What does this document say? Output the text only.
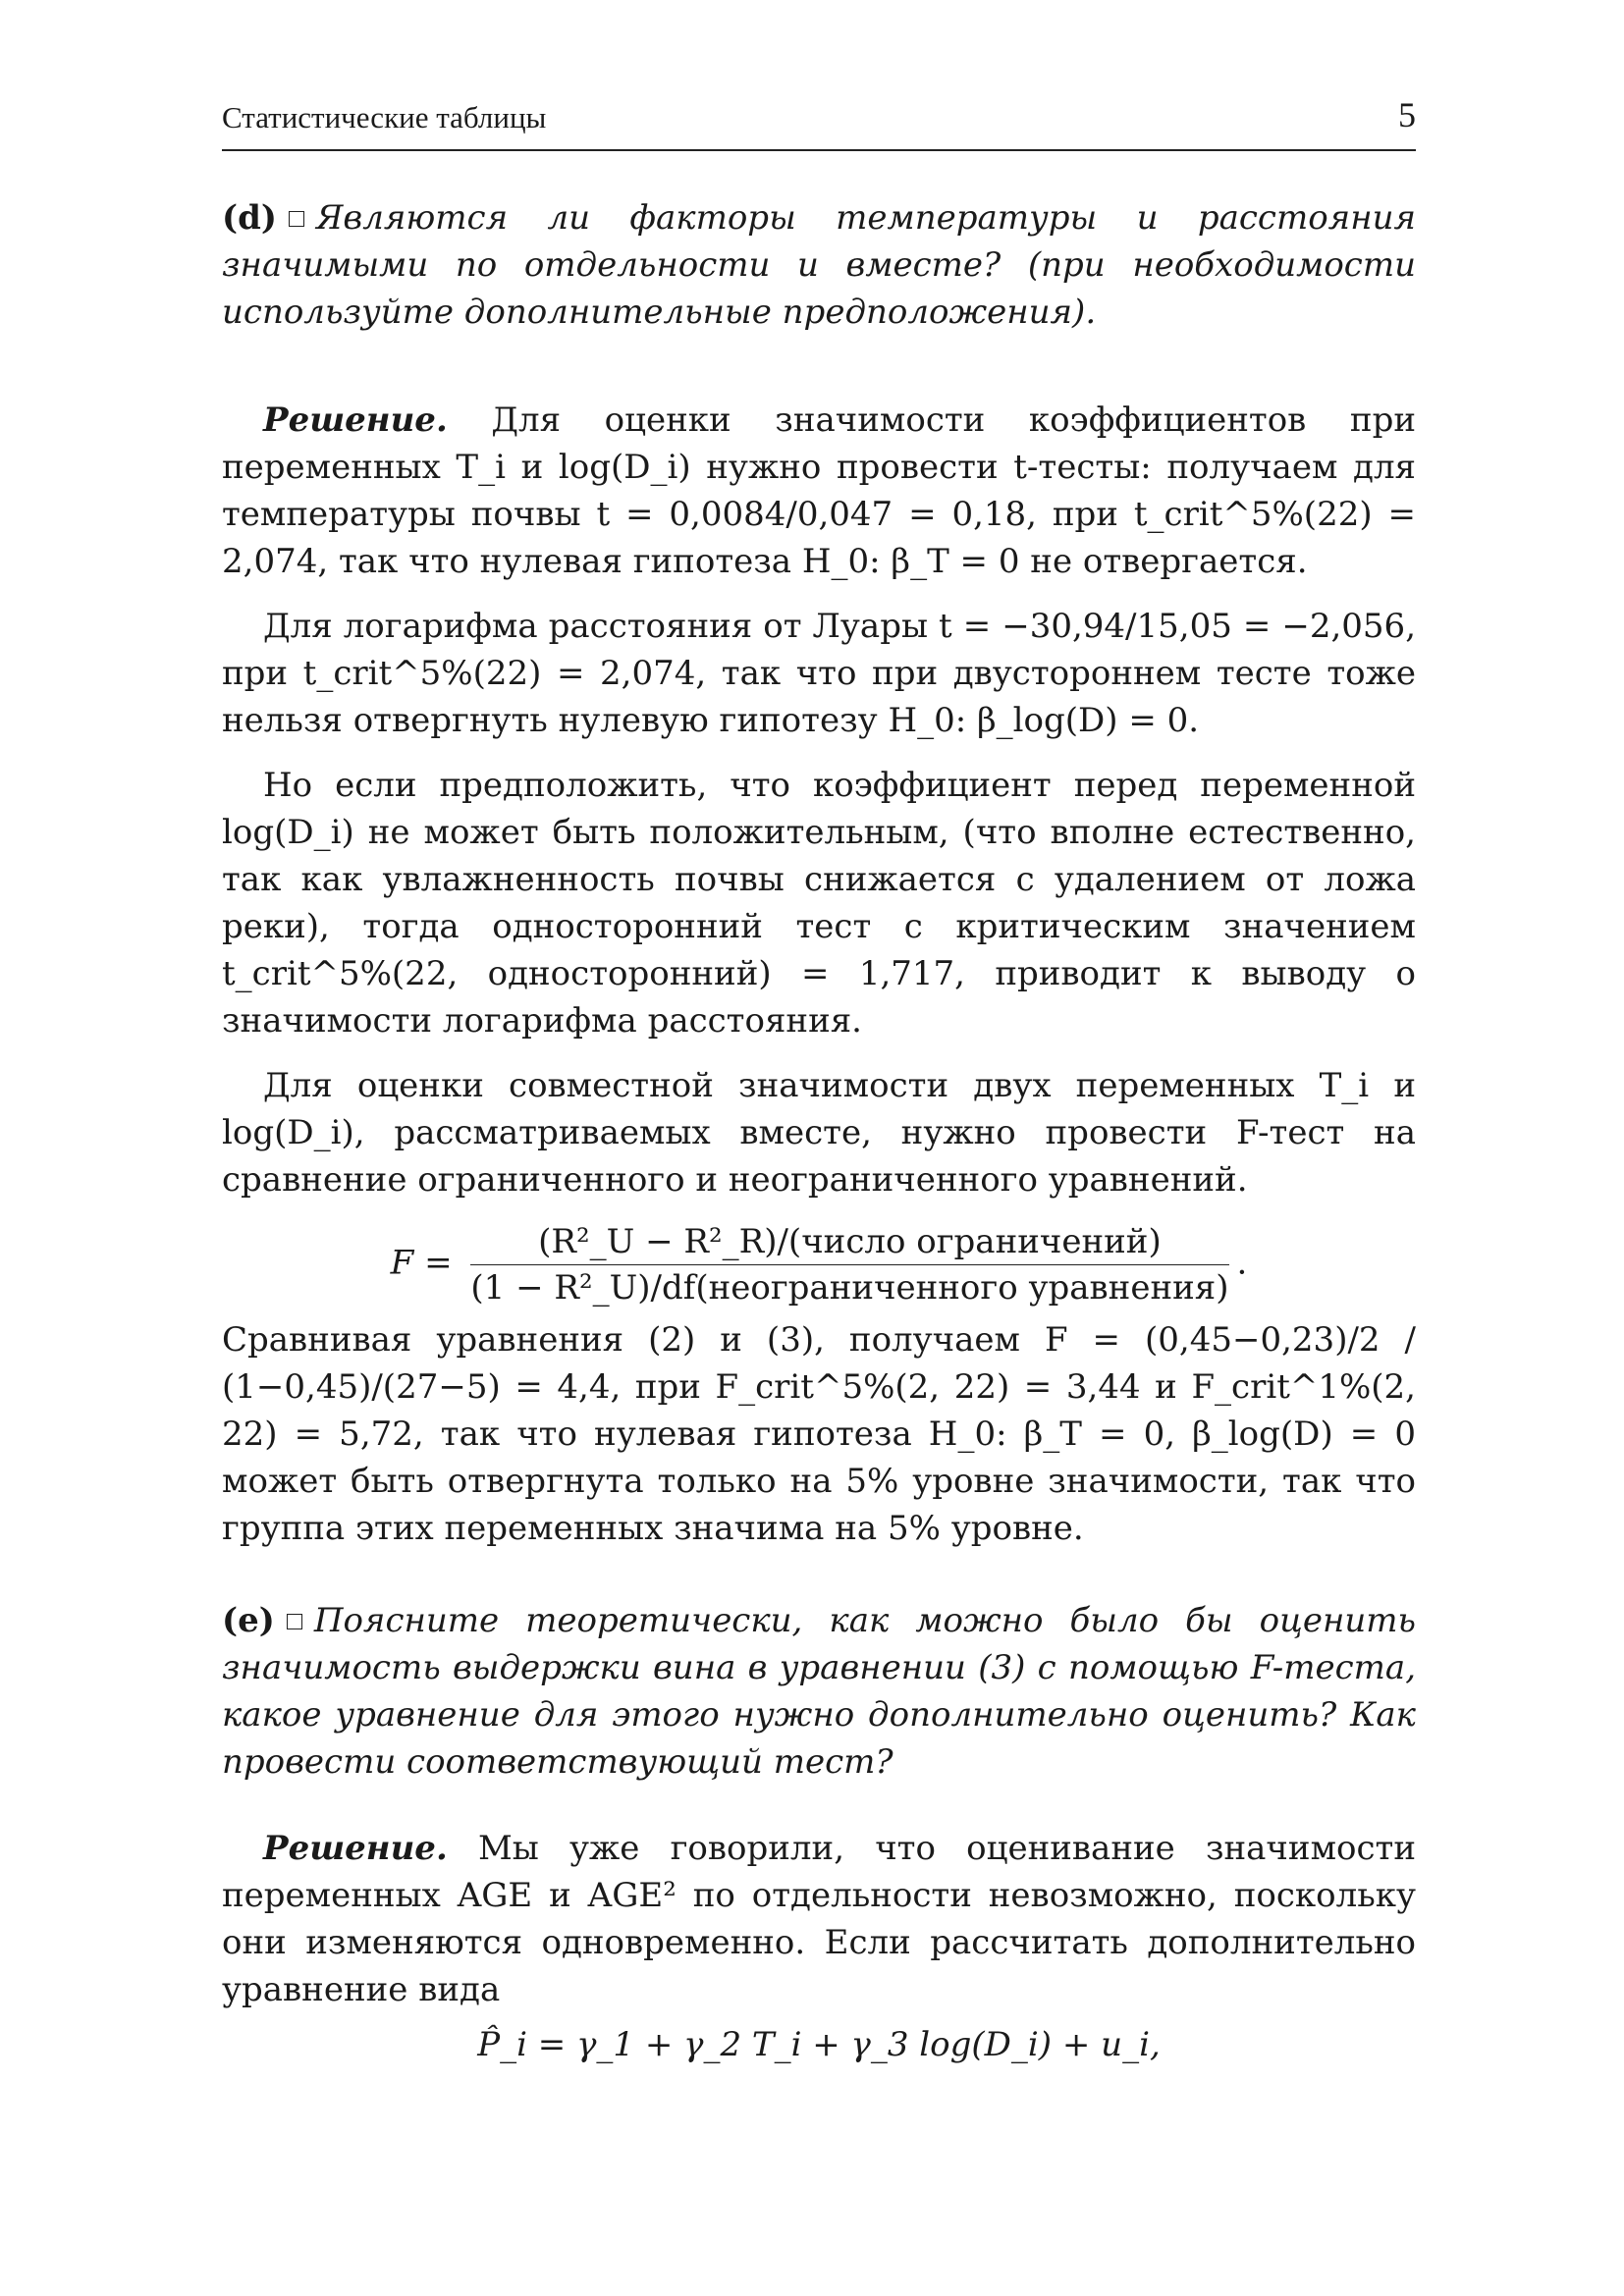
Статистические таблицы	5

(d) Являются ли факторы температуры и расстояния значимыми по отдельности и вместе? (при необходимости используйте дополнительные предположения).

Решение. Для оценки значимости коэффициентов при переменных T_i и log(D_i) нужно провести t-тесты: получаем для температуры почвы t = 0,0084/0,047 = 0,18, при t_crit^5%(22) = 2,074, так что нулевая гипотеза H_0: β_T = 0 не отвергается.

Для логарифма расстояния от Луары t = −30,94/15,05 = −2,056, при t_crit^5%(22) = 2,074, так что при двустороннем тесте тоже нельзя отвергнуть нулевую гипотезу H_0: β_log(D) = 0.

Но если предположить, что коэффициент перед переменной log(D_i) не может быть положительным, (что вполне естественно, так как увлажненность почвы снижается с удалением от ложа реки), тогда односторонний тест с критическим значением t_crit^5%(22, односторонний) = 1,717, приводит к выводу о значимости логарифма расстояния.

Для оценки совместной значимости двух переменных T_i и log(D_i), рассматриваемых вместе, нужно провести F-тест на сравнение ограниченного и неограниченного уравнений.

F =
(R²_U − R²_R)/(число ограничений)
(1 − R²_U)/df(неограниченного уравнения)
.

Сравнивая уравнения (2) и (3), получаем F = (0,45−0,23)/2 / (1−0,45)/(27−5) = 4,4, при F_crit^5%(2, 22) = 3,44 и F_crit^1%(2, 22) = 5,72, так что нулевая гипотеза H_0: β_T = 0, β_log(D) = 0 может быть отвергнута только на 5% уровне значимости, так что группа этих переменных значима на 5% уровне.

(e) Поясните теоретически, как можно было бы оценить значимость выдержки вина в уравнении (3) с помощью F-теста, какое уравнение для этого нужно дополнительно оценить? Как провести соответствующий тест?

Решение. Мы уже говорили, что оценивание значимости переменных AGE и AGE² по отдельности невозможно, поскольку они изменяются одновременно. Если рассчитать дополнительно уравнение вида

P̂_i = γ_1 + γ_2 T_i + γ_3 log(D_i) + u_i,
